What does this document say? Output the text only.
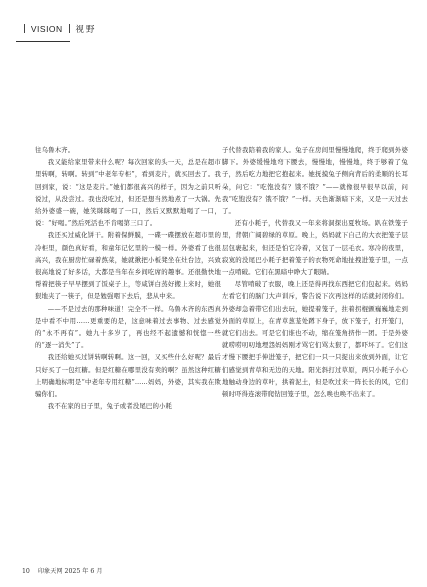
VISION 视野

往乌鲁木齐。

我又能给家里带来什么呢？每次回家的头一天，总是在超市里转啊，转啊。转到“中老年专柜”，看到麦片，就买回去了。我回到家，说：“这是麦片。”她们都很高兴的样子，因为之前只听说过，从没尝过。我也没吃过，但还是想当然地煮了一大锅。先给外婆盛一碗，她笑眯眯喝了一口，然后又默默地喝了一口，说：“好喝。”然后死活也不肯喝第三口了。

我还买过威化饼干。附着保鲜膜，一碟一碟摆放在超市里的冷柜里，颜色真好看，和童年记忆里的一模一样。外婆看了也很高兴，我在厨房忙碌着熬菜，她就揪把小板凳坐在灶台边，兴致很高地说了好多话，大都是当年在乡间吃席的趣事。还很勤快地帮着把筷子早早摆到了饭桌子上，等咸饼白蒸好搬上来时，她很狠地夹了一筷子，但是勉强咽下去后，悲从中来。

——不是过去的那种味道！完全不一样。乌鲁木齐的东西真是中看不中用……更重要的是，这意味着过去事物、过去感觉的“永不再有”。她九十多岁了，再也经不起遗憾和恍惚一些的“逐一消失”了。

我还给她买过饼转啊转啊。这一回，又买些什么好呢？最后只好买了一包红糖。但是红糖在哪里没有卖的啊？虽然这种红糖上明确地标明是“中老年专用红糖”……妈妈，外婆，其实我在欺骗你们。

我不在家的日子里，兔子或者没尾巴的小耗

子代替我陪着我的家人。兔子在房间里慢慢地爬，终于爬到外婆脚下。外婆缓慢地弯下腰去，慢慢地，慢慢地，终于够着了兔子，然后吃力地把它抱起来。她抚摸兔子侧向背后的柔顺的长耳朵，问它：“吃饱没有？饿不饿？”——就像很早很早以前，问我“吃饱没有？饿不饿？”一样。天色渐渐暗下来，又是一天过去了。

还有小耗子，代替我又一年来将洞探出夏牧场。趴在铁笼子里，背朝广阔碧绿的草原。晚上，妈妈就下自己的大衣把笼子层层包裹起来，但还是怕它冷着，又包了一层毛衣。寒冷的夜里，寂寞的没尾巴小耗子把着笼子的衣物死命地扯拽进笼子里，一点一点啃破。它们在黑暗中睁大了眼睛。

尽管啃破了衣服，晚上还是得再找东西把它们包起来。妈妈左看它们的脑门大声训斥，警告说下次再这样的话就封闭你们。外婆却急着带它们出去玩，她提着笼子，拄着拐棍颤巍巍地走到外面的草原上，在青草葱茏处蹲下身子，放下笼子，打开笼门，就它们出去。可是它们谁也不动，缩在笼角挤作一团。于是外婆就唠唠叨叨地埋怨妈妈刚才骂它们骂太狠了，都吓坏了。它们这才慢下腰把手伸进笼子，把它们一只一只捉出来放到外面，让它们感觉到青草和无边的天地。阳光斜打过草原，两只小耗子小心地触动身边的草叶，拱着泥土，但是吹过来一阵长长的风，它们顿时吓得连滚带爬钻回笼子里，怎么唤也唤不出来了。

10 印象天网 2025 年 6 月
